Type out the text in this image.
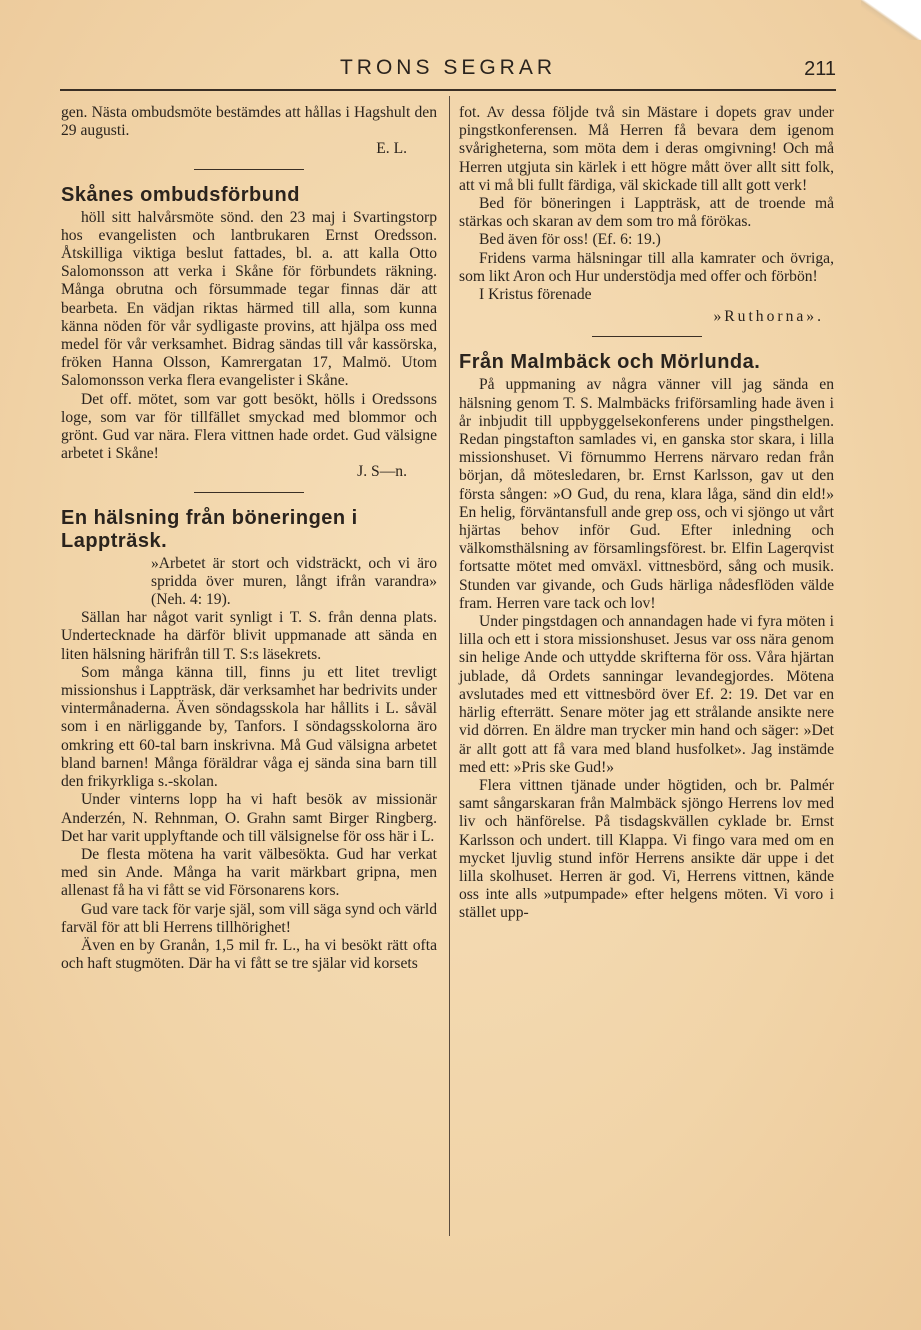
TRONS SEGRAR	211

gen. Nästa ombudsmöte bestämdes att hållas i Hagshult den 29 augusti.

E. L.

Skånes ombudsförbund

höll sitt halvårsmöte sönd. den 23 maj i Svartingstorp hos evangelisten och lantbrukaren Ernst Oredsson. Åtskilliga viktiga beslut fattades, bl. a. att kalla Otto Salomonsson att verka i Skåne för förbundets räkning. Många obrutna och försummade tegar finnas där att bearbeta. En vädjan riktas härmed till alla, som kunna känna nöden för vår sydligaste provins, att hjälpa oss med medel för vår verksamhet. Bidrag sändas till vår kassörska, fröken Hanna Olsson, Kamrergatan 17, Malmö. Utom Salomonsson verka flera evangelister i Skåne.

Det off. mötet, som var gott besökt, hölls i Oredssons loge, som var för tillfället smyckad med blommor och grönt. Gud var nära. Flera vittnen hade ordet. Gud välsigne arbetet i Skåne!

J. S—n.

En hälsning från böneringen i Lappträsk.

»Arbetet är stort och vidsträckt, och vi äro spridda över muren, långt ifrån varandra» (Neh. 4: 19).

Sällan har något varit synligt i T. S. från denna plats. Undertecknade ha därför blivit uppmanade att sända en liten hälsning härifrån till T. S:s läsekrets.

Som många känna till, finns ju ett litet trevligt missionshus i Lappträsk, där verksamhet har bedrivits under vintermånaderna. Även söndagsskola har hållits i L. såväl som i en närliggande by, Tanfors. I söndagsskolorna äro omkring ett 60-tal barn inskrivna. Må Gud välsigna arbetet bland barnen! Många föräldrar våga ej sända sina barn till den frikyrkliga s.-skolan.

Under vinterns lopp ha vi haft besök av missionär Anderzén, N. Rehnman, O. Grahn samt Birger Ringberg. Det har varit upplyftande och till välsignelse för oss här i L.

De flesta mötena ha varit välbesökta. Gud har verkat med sin Ande. Många ha varit märkbart gripna, men allenast få ha vi fått se vid Försonarens kors.

Gud vare tack för varje själ, som vill säga synd och värld farväl för att bli Herrens tillhörighet!

Även en by Granån, 1,5 mil fr. L., ha vi besökt rätt ofta och haft stugmöten. Där ha vi fått se tre själar vid korsets

fot. Av dessa följde två sin Mästare i dopets grav under pingstkonferensen. Må Herren få bevara dem igenom svårigheterna, som möta dem i deras omgivning! Och må Herren utgjuta sin kärlek i ett högre mått över allt sitt folk, att vi må bli fullt färdiga, väl skickade till allt gott verk!

Bed för böneringen i Lappträsk, att de troende må stärkas och skaran av dem som tro må förökas.

Bed även för oss! (Ef. 6: 19.)

Fridens varma hälsningar till alla kamrater och övriga, som likt Aron och Hur understödja med offer och förbön!

I Kristus förenade

»Ruthorna».

Från Malmbäck och Mörlunda.

På uppmaning av några vänner vill jag sända en hälsning genom T. S. Malmbäcks friförsamling hade även i år inbjudit till uppbyggelsekonferens under pingsthelgen. Redan pingstafton samlades vi, en ganska stor skara, i lilla missionshuset. Vi förnummo Herrens närvaro redan från början, då mötesledaren, br. Ernst Karlsson, gav ut den första sången: »O Gud, du rena, klara låga, sänd din eld!» En helig, förväntansfull ande grep oss, och vi sjöngo ut vårt hjärtas behov inför Gud. Efter inledning och välkomsthälsning av församlingsförest. br. Elfin Lagerqvist fortsatte mötet med omväxl. vittnesbörd, sång och musik. Stunden var givande, och Guds härliga nådesflöden välde fram. Herren vare tack och lov!

Under pingstdagen och annandagen hade vi fyra möten i lilla och ett i stora missionshuset. Jesus var oss nära genom sin helige Ande och uttydde skrifterna för oss. Våra hjärtan jublade, då Ordets sanningar levandegjordes. Mötena avslutades med ett vittnesbörd över Ef. 2: 19. Det var en härlig efterrätt. Senare möter jag ett strålande ansikte nere vid dörren. En äldre man trycker min hand och säger: »Det är allt gott att få vara med bland husfolket». Jag instämde med ett: »Pris ske Gud!»

Flera vittnen tjänade under högtiden, och br. Palmér samt sångarskaran från Malmbäck sjöngo Herrens lov med liv och hänförelse. På tisdagskvällen cyklade br. Ernst Karlsson och undert. till Klappa. Vi fingo vara med om en mycket ljuvlig stund inför Herrens ansikte där uppe i det lilla skolhuset. Herren är god. Vi, Herrens vittnen, kände oss inte alls »utpumpade» efter helgens möten. Vi voro i stället upp-
